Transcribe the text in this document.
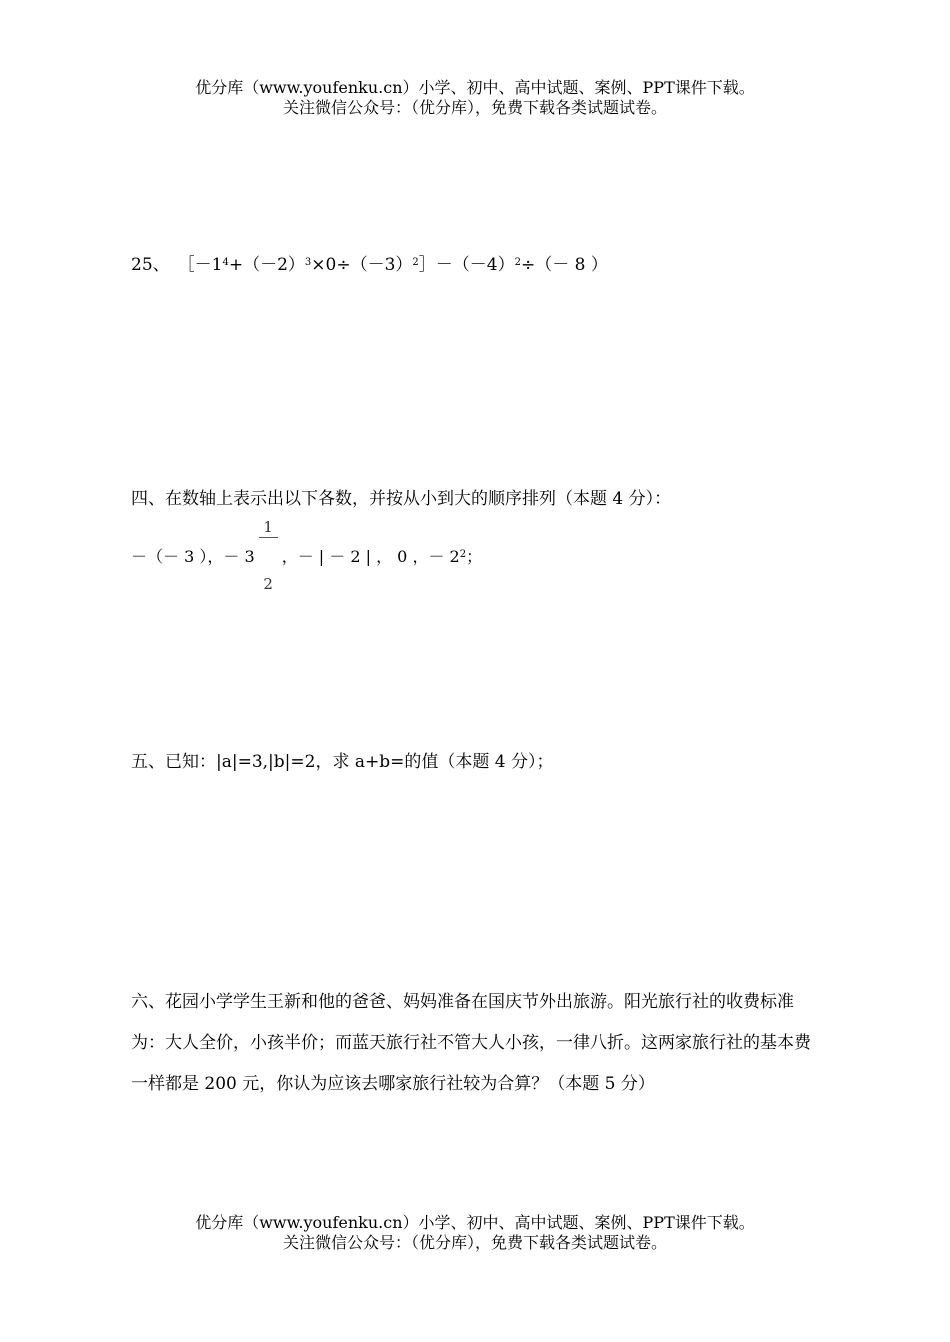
优分库（www.youfenku.cn）小学、初中、高中试题、案例、PPT课件下载。
关注微信公众号：（优分库），免费下载各类试题试卷。
25、 ［－1 4 +（－2） 3 ×0÷（－3） 2 ］－（－4） 2 ÷（－ 8 ）
四、在数轴上表示出以下各数，并按从小到大的顺序排列（本题 4 分）：
－（－ 3 ），－ 3

$\frac{1}{2}$

，－ | － 2 | ， 0 ，－ 2 2 ；
五、已知：|a|=3,|b|=2，求 a+b=的值（本题 4 分）；
六、花园小学学生王新和他的爸爸、妈妈准备在国庆节外出旅游。阳光旅行社的收费标准为：大人全价，小孩半价；而蓝天旅行社不管大人小孩，一律八折。这两家旅行社的基本费一样都是 200 元，你认为应该去哪家旅行社较为合算？（本题 5 分）
优分库（www.youfenku.cn）小学、初中、高中试题、案例、PPT课件下载。
关注微信公众号：（优分库），免费下载各类试题试卷。
